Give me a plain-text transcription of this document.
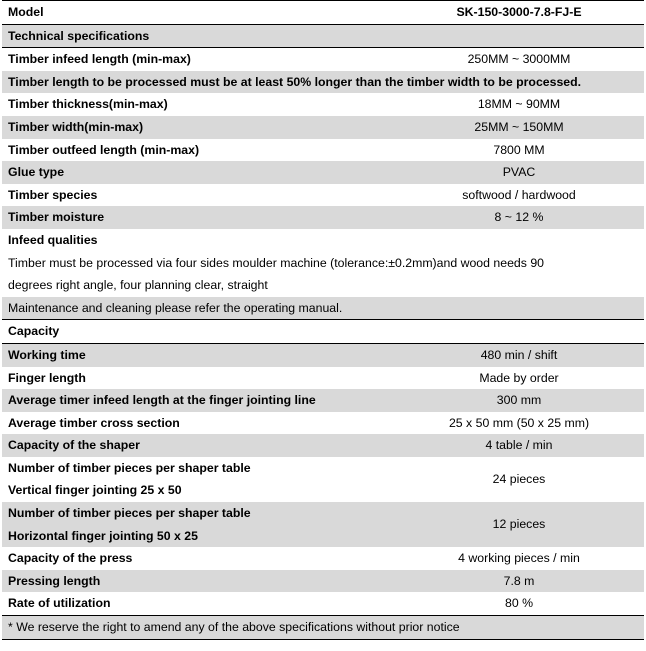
Model	SK-150-3000-7.8-FJ-E
Technical specifications	
Timber infeed length (min-max)	250MM ~ 3000MM
Timber length to be processed must be at least 50% longer than the timber width to be processed.	
Timber thickness(min-max)	18MM ~ 90MM
Timber width(min-max)	25MM ~ 150MM
Timber outfeed length (min-max)	7800 MM
Glue type	PVAC
Timber species	softwood / hardwood
Timber moisture	8 ~ 12 %
Infeed qualities	
Timber must be processed via four sides moulder machine (tolerance:±0.2mm)and wood needs 90	
degrees right angle, four planning clear, straight	
Maintenance and cleaning please refer the operating manual.	
Capacity	
Working time	480 min / shift
Finger length	Made by order
Average timer infeed length at the finger jointing line	300 mm
Average timber cross section	25 x 50 mm (50 x 25 mm)
Capacity of the shaper	4 table / min

Number of timber pieces per shaper table
Vertical finger jointing 25 x 50	24 pieces

Number of timber pieces per shaper table
Horizontal finger jointing 50 x 25	12 pieces
Capacity of the press	4 working pieces / min
Pressing length	7.8 m
Rate of utilization	80 %
* We reserve the right to amend any of the above specifications without prior notice	
